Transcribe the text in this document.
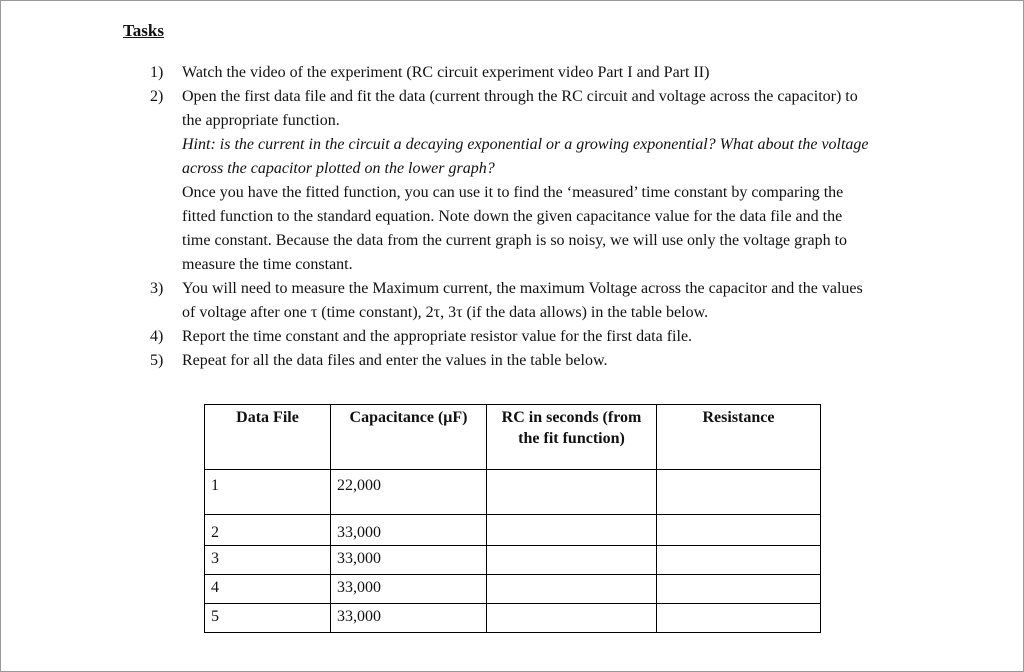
Tasks
1) Watch the video of the experiment (RC circuit experiment video Part I and Part II)
2) Open the first data file and fit the data (current through the RC circuit and voltage across the capacitor) to the appropriate function.
Hint: is the current in the circuit a decaying exponential or a growing exponential? What about the voltage across the capacitor plotted on the lower graph?
Once you have the fitted function, you can use it to find the ‘measured’ time constant by comparing the fitted function to the standard equation. Note down the given capacitance value for the data file and the time constant. Because the data from the current graph is so noisy, we will use only the voltage graph to measure the time constant.
3) You will need to measure the Maximum current, the maximum Voltage across the capacitor and the values of voltage after one τ (time constant), 2τ, 3τ (if the data allows) in the table below.
4) Report the time constant and the appropriate resistor value for the first data file.
5) Repeat for all the data files and enter the values in the table below.
Data File	Capacitance (μF)	RC in seconds (from the fit function)	Resistance
1	22,000		
2	33,000		
3	33,000		
4	33,000		
5	33,000		
